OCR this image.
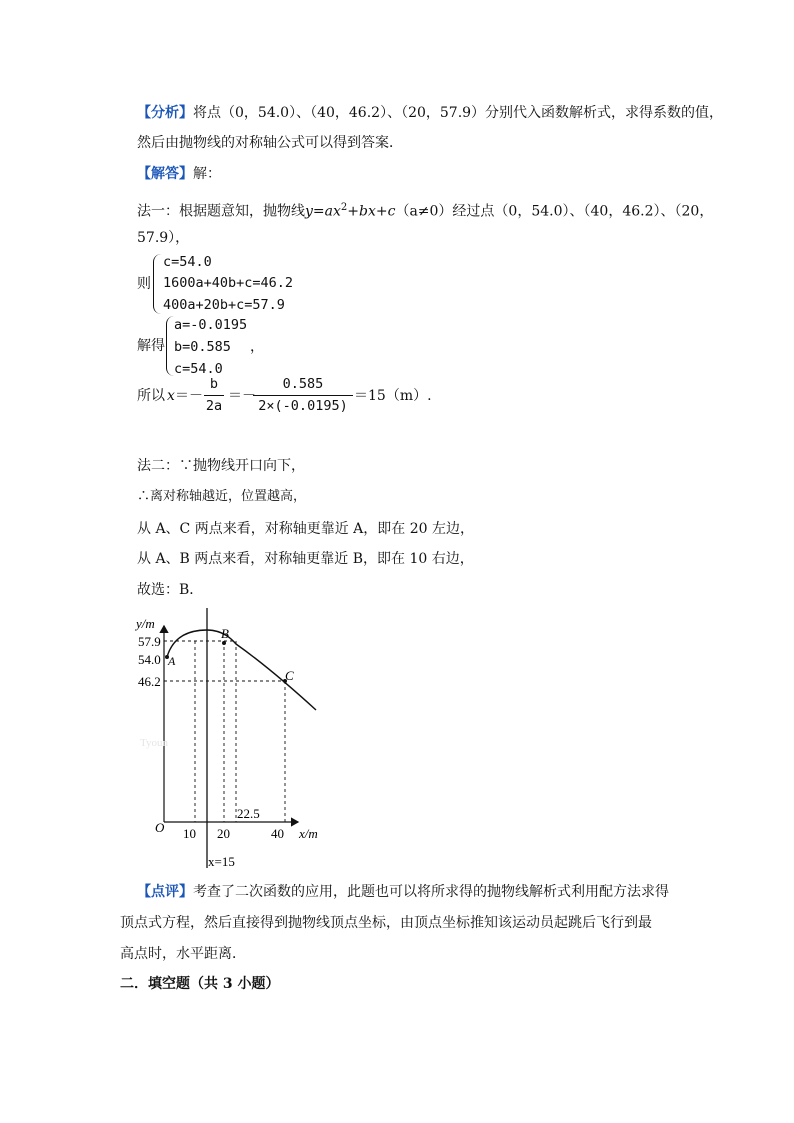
【分析】将点（0，54.0）、（40，46.2）、（20，57.9）分别代入函数解析式，求得系数的值，
然后由抛物线的对称轴公式可以得到答案．
【解答】解：
法一：根据题意知，抛物线$y=ax^2+bx+c(a\ne 0)$经过点（0，54.0）、（40，46.2）、（20，
57.9），
则
c=54.0
1600a+40b+c=46.2
400a+20b+c=57.9
解得
a=-0.0195
b=0.585 ，
c=54.0
所以 x ＝－
b
2a
＝－
0.585
2×(-0.0195)
＝15（m）.
法二：∵抛物线开口向下，
∴离对称轴越近，位置越高，
从 A、C 两点来看，对称轴更靠近 A，即在 20 左边，
从 A、B 两点来看，对称轴更靠近 B，即在 10 右边，
故选：B．
y/m
57.9
54.0
46.2
A
B
C
Tyoun
22.5
O 10 20	40 x/m
x=15
【点评】考查了二次函数的应用，此题也可以将所求得的抛物线解析式利用配方法求得
顶点式方程，然后直接得到抛物线顶点坐标，由顶点坐标推知该运动员起跳后飞行到最
高点时，水平距离．
二．填空题（共 3 小题）
